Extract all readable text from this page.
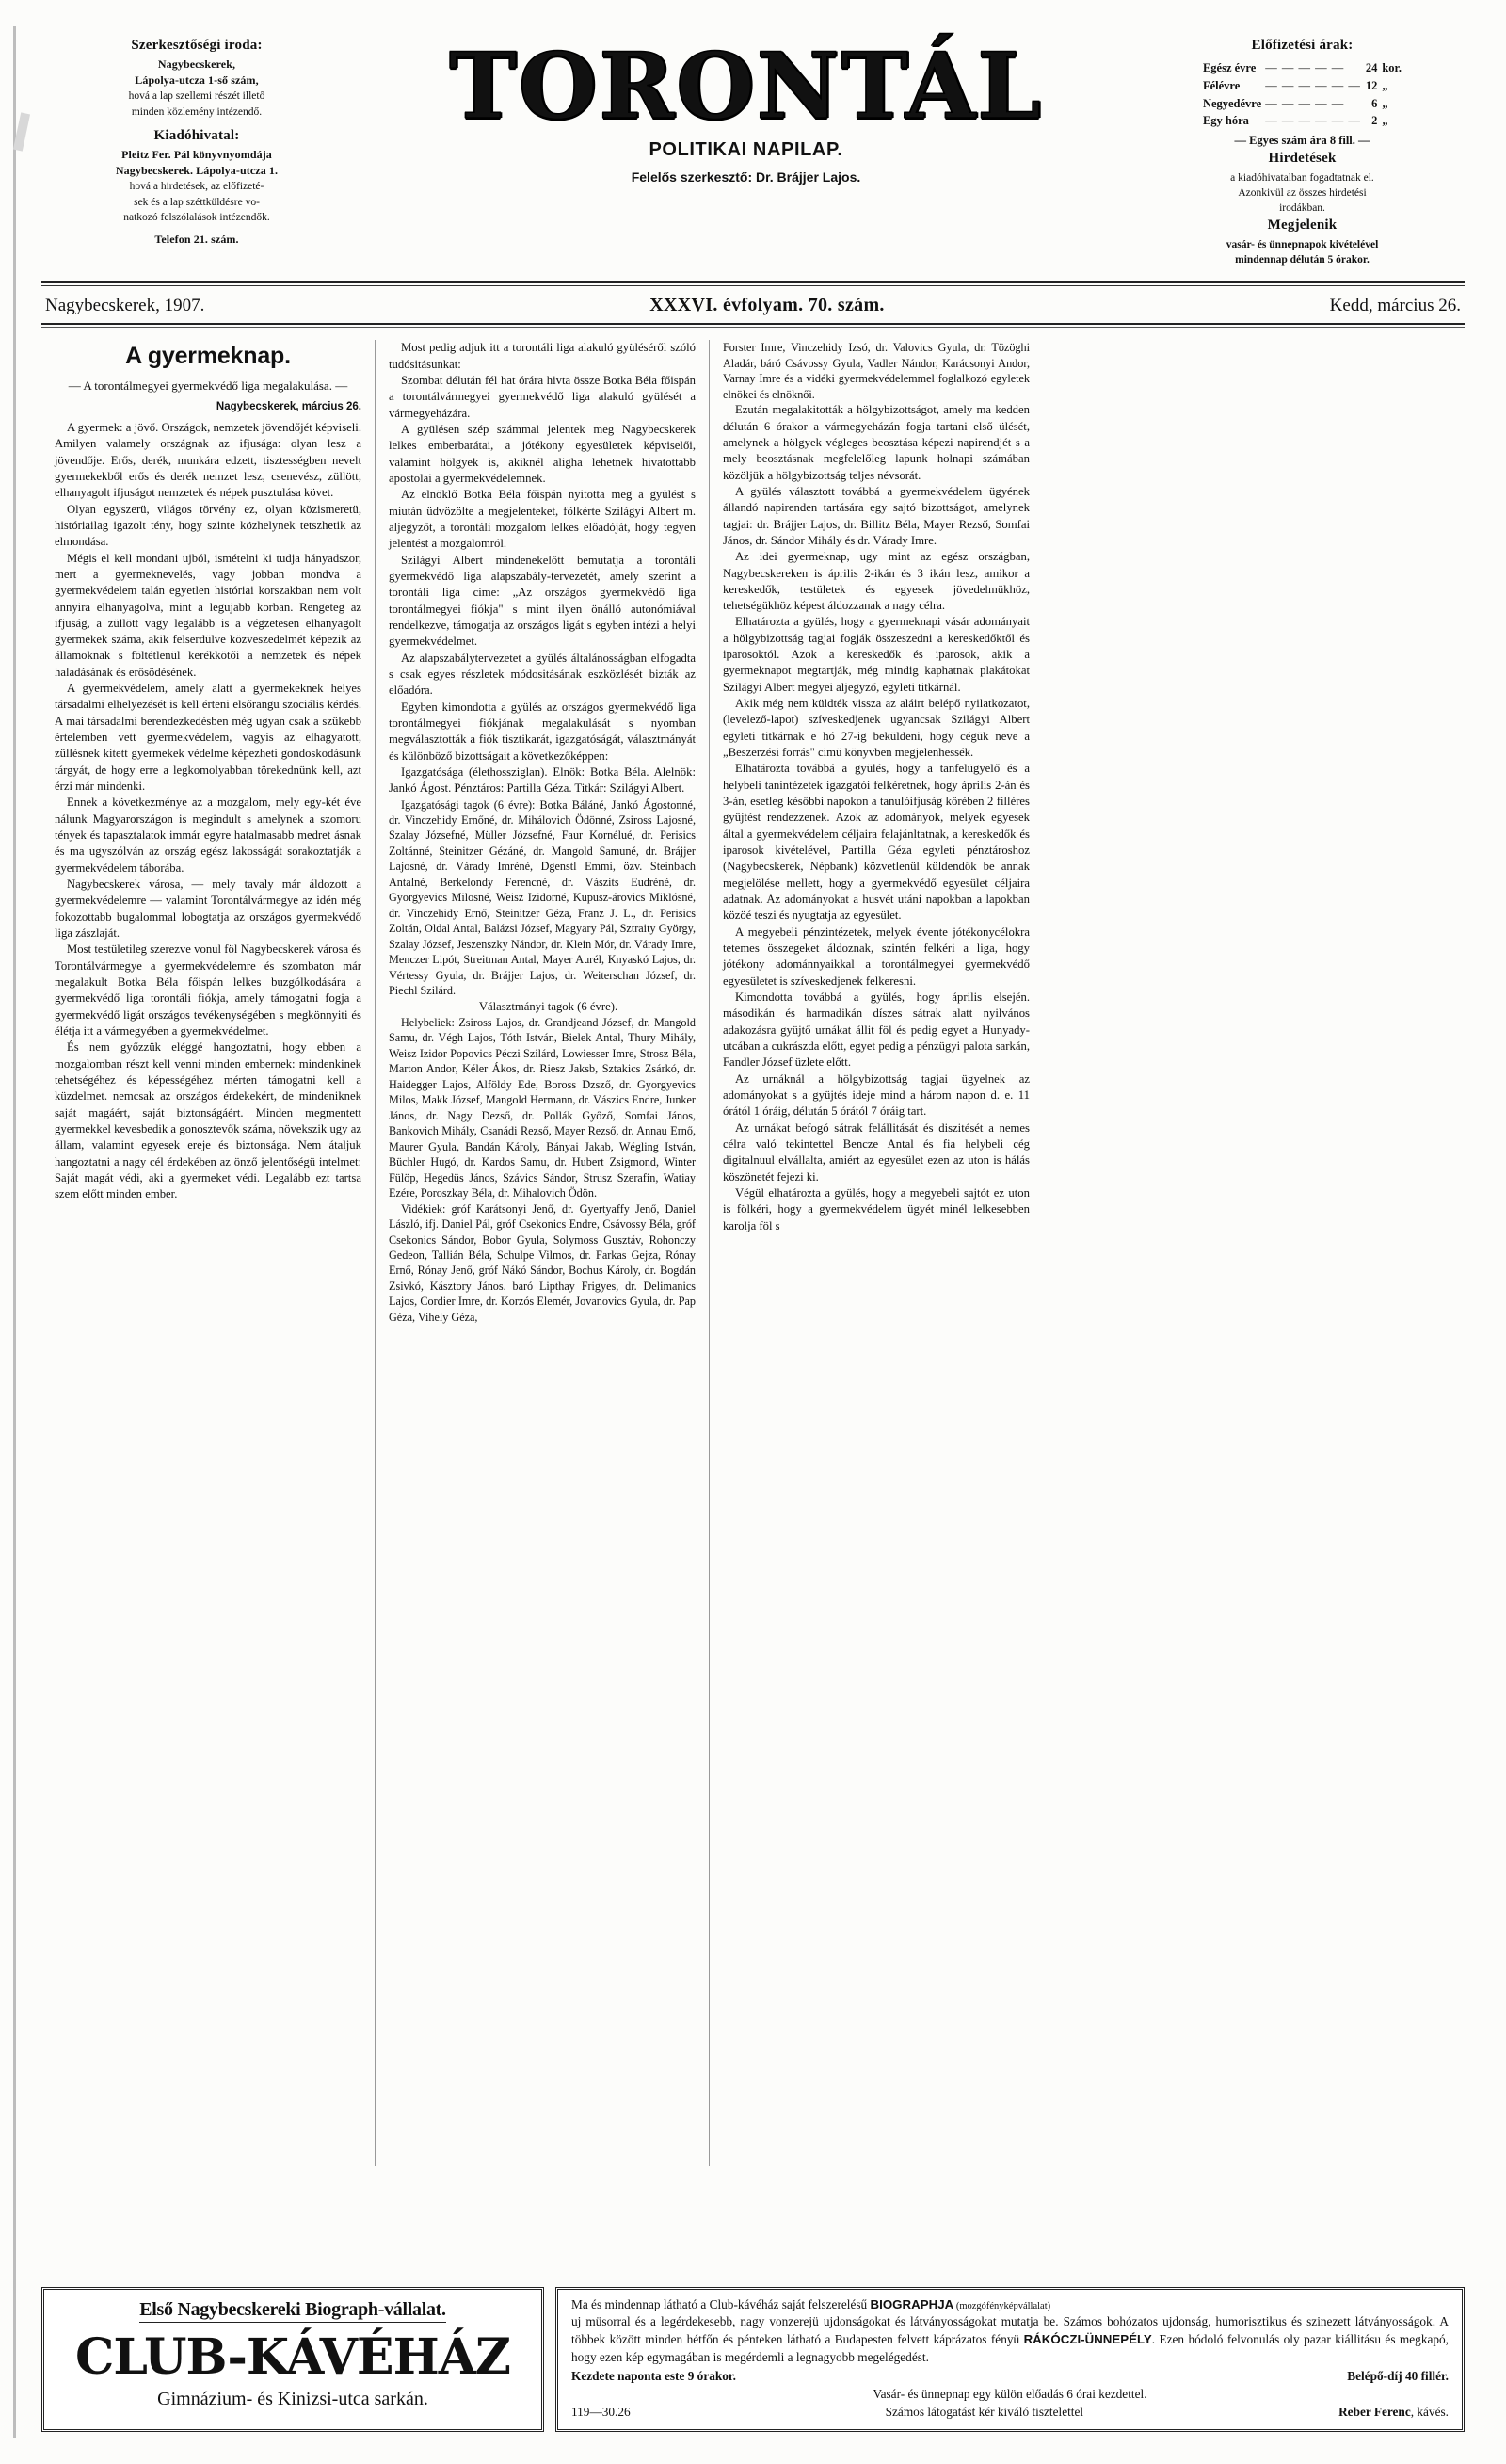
Szerkesztőségi iroda:
Nagybecskerek,
Lápolya-utcza 1-ső szám,
hová a lap szellemi részét illető
minden közlemény intézendő.
Kiadóhivatal:
Pleitz Fer. Pál könyvnyomdája
Nagybecskerek. Lápolya-utcza 1.
hová a hirdetések, az előfizeté-
sek és a lap széttküldésre vo-
natkozó felszólalások intézendők.
Telefon 21. szám.
TORONTÁL
POLITIKAI NAPILAP.
Felelős szerkesztő: Dr. Brájjer Lajos.
Előfizetési árak:
Egész évre	— — — — —	24	kor.
Félévre	— — — — — —	12	„
Negyedévre	— — — — —	6	„
Egy hóra	— — — — — —	2	„
— Egyes szám ára 8 fill. —
Hirdetések
a kiadóhivatalban fogadtatnak el.
Azonkivül az összes hirdetési
irodákban.
Megjelenik
vasár- és ünnepnapok kivételével
mindennap délután 5 órakor.
Nagybecskerek, 1907.	XXXVI. évfolyam. 70. szám.	Kedd, március 26.
A gyermeknap.
— A torontálmegyei gyermekvédő liga megalakulása. —
Nagybecskerek, március 26.

A gyermek: a jövő. Országok, nemzetek jövendőjét képviseli. Amilyen valamely országnak az ifjusága: olyan lesz a jövendője. Erős, derék, munkára edzett, tisztességben nevelt gyermekekből erős és derék nemzet lesz, csenevész, züllött, elhanyagolt ifjuságot nemzetek és népek pusztulása követ.

Olyan egyszerü, világos törvény ez, olyan közismeretü, históriailag igazolt tény, hogy szinte közhelynek tetszhetik az elmondása.

Mégis el kell mondani ujból, ismételni ki tudja hányadszor, mert a gyermeknevelés, vagy jobban mondva a gyermekvédelem talán egyetlen históriai korszakban nem volt annyira elhanyagolva, mint a legujabb korban. Rengeteg az ifjuság, a züllött vagy legalább is a végzetesen elhanyagolt gyermekek száma, akik felserdülve közveszedelmét képezik az államoknak s föltétlenül kerékkötői a nemzetek és népek haladásának és erősödésének.

A gyermekvédelem, amely alatt a gyermekeknek helyes társadalmi elhelyezését is kell érteni elsőrangu szociális kérdés. A mai társadalmi berendezkedésben még ugyan csak a szükebb értelemben vett gyermekvédelem, vagyis az elhagyatott, züllésnek kitett gyermekek védelme képezheti gondoskodásunk tárgyát, de hogy erre a legkomolyabban törekednünk kell, azt érzi már mindenki.

Ennek a következménye az a mozgalom, mely egy-két éve nálunk Magyarországon is megindult s amelynek a szomoru tények és tapasztalatok immár egyre hatalmasabb medret ásnak és ma ugyszólván az ország egész lakosságát sorakoztatják a gyermekvédelem táborába.

Nagybecskerek városa, — mely tavaly már áldozott a gyermekvédelemre — valamint Torontálvármegye az idén még fokozottabb bugalommal lobogtatja az országos gyermekvédő liga zászlaját.

Most testületileg szerezve vonul föl Nagybecskerek városa és Torontálvármegye a gyermekvédelemre és szombaton már megalakult Botka Béla főispán lelkes buzgólkodására a gyermekvédő liga torontáli fiókja, amely támogatni fogja a gyermekvédő ligát országos tevékenységében s megkönnyiti és élétja itt a vármegyében a gyermekvédelmet.

És nem győzzük eléggé hangoztatni, hogy ebben a mozgalomban részt kell venni minden embernek: mindenkinek tehetségéhez és képességéhez mérten támogatni kell a küzdelmet. nemcsak az országos érdekekért, de mindeniknek saját magáért, saját biztonságáért. Minden megmentett gyermekkel kevesbedik a gonosztevők száma, növekszik ugy az állam, valamint egyesek ereje és biztonsága. Nem átaljuk hangoztatni a nagy cél érdekében az önző jelentőségü intelmet: Saját magát védi, aki a gyermeket védi. Legalább ezt tartsa szem előtt minden ember.

Most pedig adjuk itt a torontáli liga alakuló gyüléséről szóló tudósitásunkat:

Szombat délután fél hat órára hivta össze Botka Béla főispán a torontálvármegyei gyermekvédő liga alakuló gyülését a vármegyeházára.

A gyülésen szép számmal jelentek meg Nagybecskerek lelkes emberbarátai, a jótékony egyesületek képviselői, valamint hölgyek is, akiknél aligha lehetnek hivatottabb apostolai a gyermekvédelemnek.

Az elnöklő Botka Béla főispán nyitotta meg a gyülést s miután üdvözölte a megjelenteket, fölkérte Szilágyi Albert m. aljegyzőt, a torontáli mozgalom lelkes előadóját, hogy tegyen jelentést a mozgalomról.

Szilágyi Albert mindenekelőtt bemutatja a torontáli gyermekvédő liga alapszabály-tervezetét, amely szerint a torontáli liga cime: „Az országos gyermekvédő liga torontálmegyei fiókja" s mint ilyen önálló autonómiával rendelkezve, támogatja az országos ligát s egyben intézi a helyi gyermekvédelmet.

Az alapszabálytervezetet a gyülés általánosságban elfogadta s csak egyes részletek módositásának eszközlését bizták az előadóra.

Egyben kimondotta a gyülés az országos gyermekvédő liga torontálmegyei fiókjának megalakulását s nyomban megválasztották a fiók tisztikarát, igazgatóságát, választmányát és különböző bizottságait a következőképpen:

Igazgatósága (élethossziglan). Elnök: Botka Béla. Alelnök: Jankó Ágost. Pénztáros: Partilla Géza. Titkár: Szilágyi Albert.

Igazgatósági tagok (6 évre): Botka Báláné, Jankó Ágostonné, dr. Vinczehidy Ernőné, dr. Mihálovich Ödönné, Zsiross Lajosné, Szalay Józsefné, Müller Józsefné, Faur Kornélué, dr. Perisics Zoltánné, Steinitzer Gézáné, dr. Mangold Samuné, dr. Brájjer Lajosné, dr. Várady Imréné, Dgenstl Emmi, özv. Steinbach Antalné, Berkelondy Ferencné, dr. Vászits Eudréné, dr. Gyorgyevics Milosné, Weisz Izidorné, Kupusz-árovics Miklósné, dr. Vinczehidy Ernő, Steinitzer Géza, Franz J. L., dr. Perisics Zoltán, Oldal Antal, Balázsi József, Magyary Pál, Sztraity György, Szalay József, Jeszenszky Nándor, dr. Klein Mór, dr. Várady Imre, Menczer Lipót, Streitman Antal, Mayer Aurél, Knyaskó Lajos, dr. Vértessy Gyula, dr. Brájjer Lajos, dr. Weiterschan József, dr. Piechl Szilárd.

Választmányi tagok (6 évre).

Helybeliek: Zsiross Lajos, dr. Grandjeand József, dr. Mangold Samu, dr. Végh Lajos, Tóth István, Bielek Antal, Thury Mihály, Weisz Izidor Popovics Péczi Szilárd, Lowiesser Imre, Strosz Béla, Marton Andor, Kéler Ákos, dr. Riesz Jaksb, Sztakics Zsárkó, dr. Haidegger Lajos, Alföldy Ede, Boross Dzsző, dr. Gyorgyevics Milos, Makk József, Mangold Hermann, dr. Vászics Endre, Junker János, dr. Nagy Dezső, dr. Pollák Győző, Somfai János, Bankovich Mihály, Csanádi Rezső, Mayer Rezső, dr. Annau Ernő, Maurer Gyula, Bandán Károly, Bányai Jakab, Wégling István, Büchler Hugó, dr. Kardos Samu, dr. Hubert Zsigmond, Winter Fülöp, Hegedüs János, Szávics Sándor, Strusz Szerafin, Watiay Ezére, Poroszkay Béla, dr. Mihalovich Ödön.

Vidékiek: gróf Karátsonyi Jenő, dr. Gyertyaffy Jenő, Daniel László, ifj. Daniel Pál, gróf Csekonics Endre, Csávossy Béla, gróf Csekonics Sándor, Bobor Gyula, Solymoss Gusztáv, Rohonczy Gedeon, Tallián Béla, Schulpe Vilmos, dr. Farkas Gejza, Rónay Ernő, Rónay Jenő, gróf Nákó Sándor, Bochus Károly, dr. Bogdán Zsivkó, Kásztory János. baró Lipthay Frigyes, dr. Delimanics Lajos, Cordier Imre, dr. Korzós Elemér, Jovanovics Gyula, dr. Pap Géza, Vihely Géza,

Forster Imre, Vinczehidy Izsó, dr. Valovics Gyula, dr. Tözöghi Aladár, báró Csávossy Gyula, Vadler Nándor, Karácsonyi Andor, Varnay Imre és a vidéki gyermekvédelemmel foglalkozó egyletek elnökei és elnöknői.

Ezután megalakitották a hölgybizottságot, amely ma kedden délután 6 órakor a vármegyeházán fogja tartani első ülését, amelynek a hölgyek végleges beosztása képezi napirendjét s a mely beosztásnak megfelelőleg lapunk holnapi számában közöljük a hölgybizottság teljes névsorát.

A gyülés választott továbbá a gyermekvédelem ügyének állandó napirenden tartására egy sajtó bizottságot, amelynek tagjai: dr. Brájjer Lajos, dr. Billitz Béla, Mayer Rezső, Somfai János, dr. Sándor Mihály és dr. Várady Imre.

Az idei gyermeknap, ugy mint az egész országban, Nagybecskereken is április 2-ikán és 3 ikán lesz, amikor a kereskedők, testületek és egyesek jövedelmükhöz, tehetségükhöz képest áldozzanak a nagy célra.

Elhatározta a gyülés, hogy a gyermeknapi vásár adományait a hölgybizottság tagjai fogják összeszedni a kereskedőktől és iparosoktól. Azok a kereskedők és iparosok, akik a gyermeknapot megtartják, még mindig kaphatnak plakátokat Szilágyi Albert megyei aljegyző, egyleti titkárnál.

Akik még nem küldték vissza az aláirt belépő nyilatkozatot, (levelező-lapot) szíveskedjenek ugyancsak Szilágyi Albert egyleti titkárnak e hó 27-ig beküldeni, hogy cégük neve a „Beszerzési forrás" cimü könyvben megjelenhessék.

Elhatározta továbbá a gyülés, hogy a tanfelügyelő és a helybeli tanintézetek igazgatói felkéretnek, hogy április 2-án és 3-án, esetleg későbbi napokon a tanulóifjuság körében 2 filléres gyüjtést rendezzenek. Azok az adományok, melyek egyesek által a gyermekvédelem céljaira felajánltatnak, a kereskedők és iparosok kivételével, Partilla Géza egyleti pénztároshoz (Nagybecskerek, Népbank) közvetlenül küldendők be annak megjelölése mellett, hogy a gyermekvédő egyesület céljaira adatnak. Az adományokat a husvét utáni napokban a lapokban közöé teszi és nyugtatja az egyesület.

A megyebeli pénzintézetek, melyek évente jótékonycélokra tetemes összegeket áldoznak, szintén felkéri a liga, hogy jótékony adománnyaikkal a torontálmegyei gyermekvédő egyesületet is szíveskedjenek felkeresni.

Kimondotta továbbá a gyülés, hogy április elsején. másodikán és harmadikán díszes sátrak alatt nyilvános adakozásra gyüjtő urnákat állit föl és pedig egyet a Hunyady-utcában a cukrászda előtt, egyet pedig a pénzügyi palota sarkán, Fandler József üzlete előtt.

Az urnáknál a hölgybizottság tagjai ügyelnek az adományokat s a gyüjtés ideje mind a három napon d. e. 11 órától 1 óráig, délután 5 órától 7 óráig tart.

Az urnákat befogó sátrak felállitását és diszitését a nemes célra való tekintettel Bencze Antal és fia helybeli cég digitalnuul elvállalta, amiért az egyesület ezen az uton is hálás köszönetét fejezi ki.

Végül elhatározta a gyülés, hogy a megyebeli sajtót ez uton is fölkéri, hogy a gyermekvédelem ügyét minél lelkesebben karolja föl s

Első Nagybecskereki Biograph-vállalat.
CLUB-KÁVÉHÁZ
Gimnázium- és Kinizsi-utca sarkán.
Ma és mindennap látható a Club-kávéház saját felszerelésű BIOGRAPHJA (mozgófényképvállalat)
uj müsorral és a legérdekesebb, nagy vonzerejü ujdonságokat és látványosságokat mutatja be. Számos bohózatos ujdonság, humorisztikus és szinezett látványosságok. A többek között minden hétfőn és pénteken látható a Budapesten felvett káprázatos fényü RÁKÓCZI-ÜNNEPÉLY. Ezen hódoló felvonulás oly pazar kiállitásu és megkapó, hogy ezen kép egymagában is megérdemli a legnagyobb megelégedést.
Kezdete naponta este 9 órakor.	Belépő-díj 40 fillér.
Vasár- és ünnepnap egy külön előadás 6 órai kezdettel.
119—30.26	Számos látogatást kér kiváló tisztelettel	Reber Ferenc, kávés.
